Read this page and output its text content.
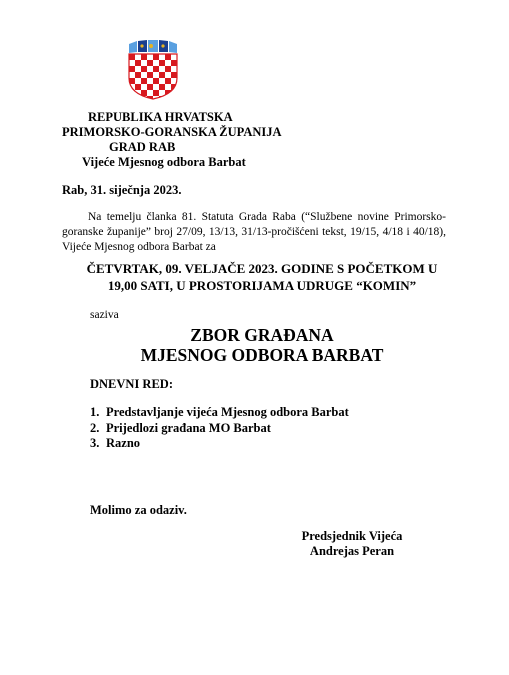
REPUBLIKA HRVATSKA
PRIMORSKO-GORANSKA ŽUPANIJA
GRAD RAB
Vijeće Mjesnog odbora Barbat
Rab, 31. siječnja 2023.
Na temelju članka 81. Statuta Grada Raba (“Službene novine Primorsko-goranske županije” broj 27/09, 13/13, 31/13-pročišćeni tekst, 19/15, 4/18 i 40/18), Vijeće Mjesnog odbora Barbat za
ČETVRTAK, 09. VELJAČE 2023. GODINE S POČETKOM U
19,00 SATI, U PROSTORIJAMA UDRUGE “KOMIN”
saziva
ZBOR GRAĐANA
MJESNOG ODBORA BARBAT
DNEVNI RED:
1. Predstavljanje vijeća Mjesnog odbora Barbat
2. Prijedlozi građana MO Barbat
3. Razno
Molimo za odaziv.
Predsjednik Vijeća
Andrejas Peran
